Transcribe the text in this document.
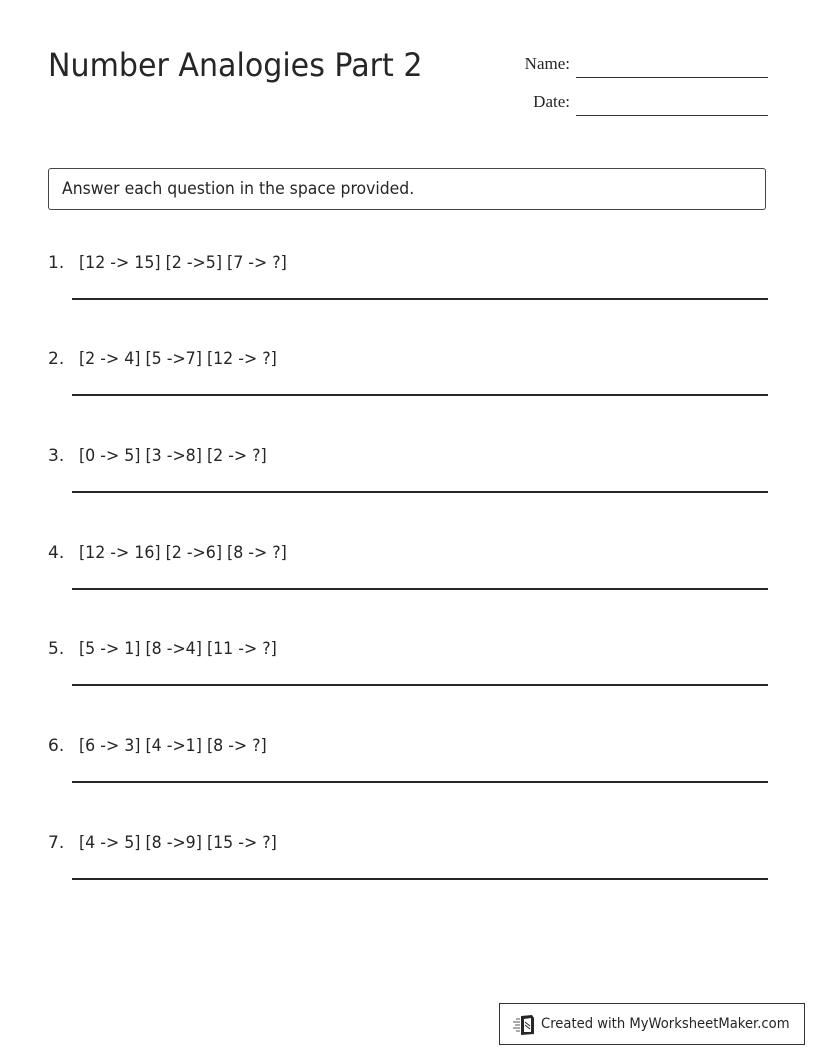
Number Analogies Part 2	Name:
Date:
Answer each question in the space provided.
1. [12 -> 15] [2 ->5] [7 -> ?]
2. [2 -> 4] [5 ->7] [12 -> ?]
3. [0 -> 5] [3 ->8] [2 -> ?]
4. [12 -> 16] [2 ->6] [8 -> ?]
5. [5 -> 1] [8 ->4] [11 -> ?]
6. [6 -> 3] [4 ->1] [8 -> ?]
7. [4 -> 5] [8 ->9] [15 -> ?]
Created with MyWorksheetMaker.com
